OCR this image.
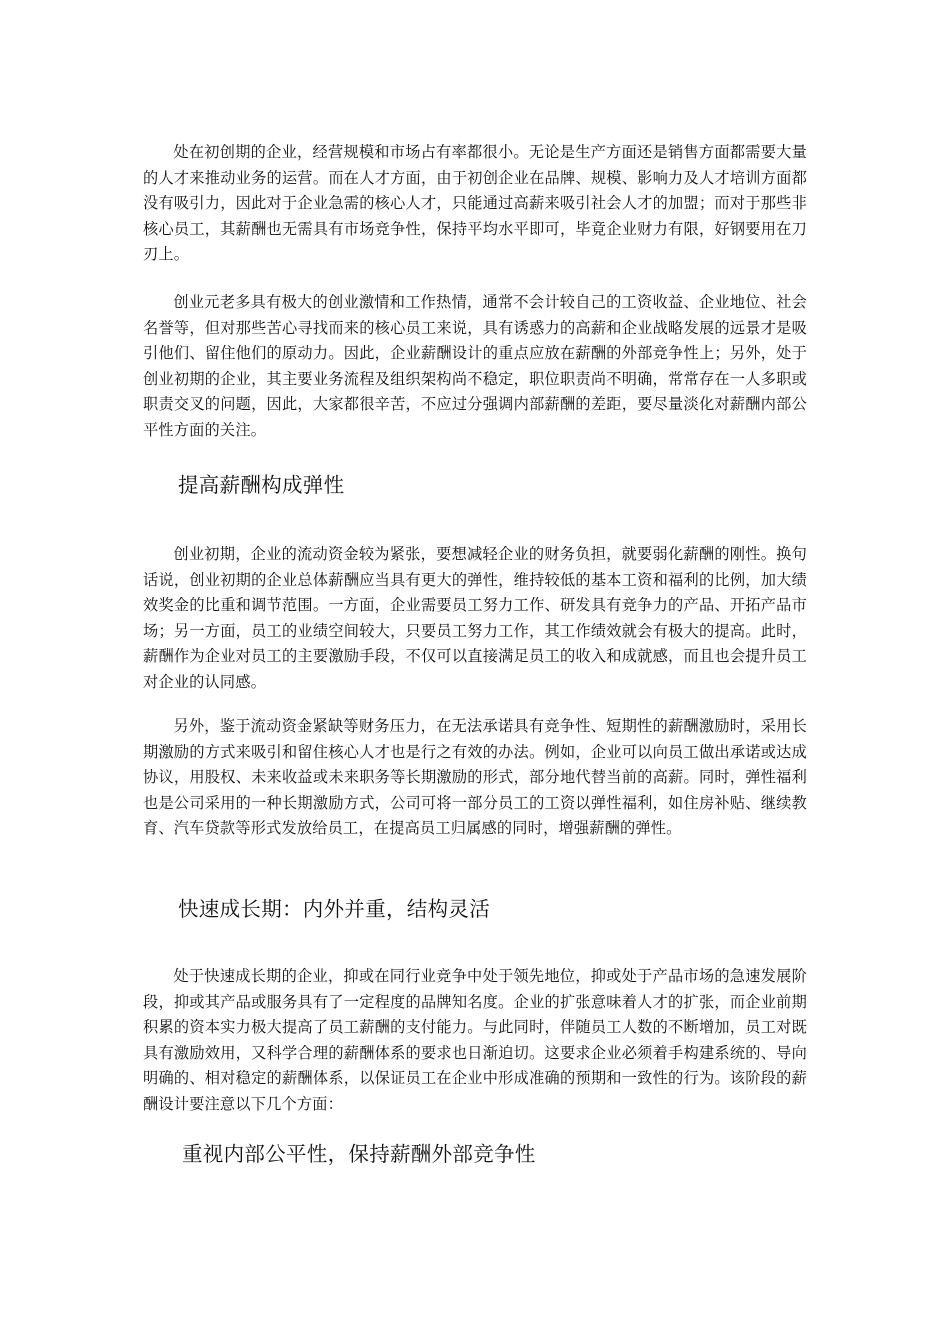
处在初创期的企业，经营规模和市场占有率都很小。无论是生产方面还是销售方面都需要大量的人才来推动业务的运营。而在人才方面，由于初创企业在品牌、规模、影响力及人才培训方面都没有吸引力，因此对于企业急需的核心人才，只能通过高薪来吸引社会人才的加盟；而对于那些非核心员工，其薪酬也无需具有市场竞争性，保持平均水平即可，毕竟企业财力有限，好钢要用在刀刃上。

创业元老多具有极大的创业激情和工作热情，通常不会计较自己的工资收益、企业地位、社会名誉等，但对那些苦心寻找而来的核心员工来说，具有诱惑力的高薪和企业战略发展的远景才是吸引他们、留住他们的原动力。因此，企业薪酬设计的重点应放在薪酬的外部竞争性上；另外，处于创业初期的企业，其主要业务流程及组织架构尚不稳定，职位职责尚不明确，常常存在一人多职或职责交叉的问题，因此，大家都很辛苦，不应过分强调内部薪酬的差距，要尽量淡化对薪酬内部公平性方面的关注。

提高薪酬构成弹性

创业初期，企业的流动资金较为紧张，要想减轻企业的财务负担，就要弱化薪酬的刚性。换句话说，创业初期的企业总体薪酬应当具有更大的弹性，维持较低的基本工资和福利的比例，加大绩效奖金的比重和调节范围。一方面，企业需要员工努力工作、研发具有竞争力的产品、开拓产品市场；另一方面，员工的业绩空间较大，只要员工努力工作，其工作绩效就会有极大的提高。此时，薪酬作为企业对员工的主要激励手段，不仅可以直接满足员工的收入和成就感，而且也会提升员工对企业的认同感。

另外，鉴于流动资金紧缺等财务压力，在无法承诺具有竞争性、短期性的薪酬激励时，采用长期激励的方式来吸引和留住核心人才也是行之有效的办法。例如，企业可以向员工做出承诺或达成协议，用股权、未来收益或未来职务等长期激励的形式，部分地代替当前的高薪。同时，弹性福利也是公司采用的一种长期激励方式，公司可将一部分员工的工资以弹性福利，如住房补贴、继续教育、汽车贷款等形式发放给员工，在提高员工归属感的同时，增强薪酬的弹性。

快速成长期：内外并重，结构灵活

处于快速成长期的企业，抑或在同行业竞争中处于领先地位，抑或处于产品市场的急速发展阶段，抑或其产品或服务具有了一定程度的品牌知名度。企业的扩张意味着人才的扩张，而企业前期积累的资本实力极大提高了员工薪酬的支付能力。与此同时，伴随员工人数的不断增加，员工对既具有激励效用，又科学合理的薪酬体系的要求也日渐迫切。这要求企业必须着手构建系统的、导向明确的、相对稳定的薪酬体系，以保证员工在企业中形成准确的预期和一致性的行为。该阶段的薪酬设计要注意以下几个方面：

重视内部公平性，保持薪酬外部竞争性
